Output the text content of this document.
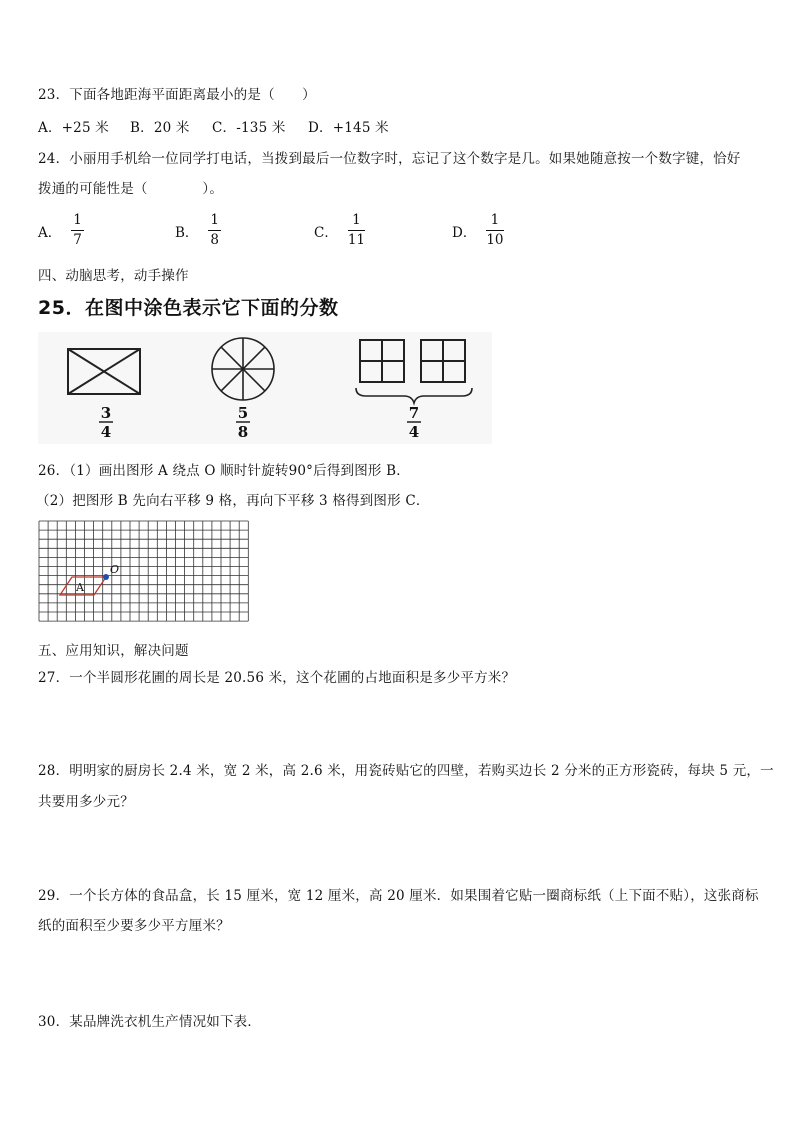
23．下面各地距海平面距离最小的是（　　）
A．+25 米 B．20 米 C．-135 米 D．+145 米
24．小丽用手机给一位同学打电话，当拨到最后一位数字时，忘记了这个数字是几。如果她随意按一个数字键，恰好
拨通的可能性是（　　　　）。
A． $\frac{1}{7}$	B． $\frac{1}{8}$	C． $\frac{1}{11}$	D． $\frac{1}{10}$
四、动脑思考，动手操作
25．在图中涂色表示它下面的分数
3
4
5
8
7
4
26．（1）画出图形 A 绕点 O 顺时针旋转90°后得到图形 B．
（2）把图形 B 先向右平移 9 格，再向下平移 3 格得到图形 C．
A
O
五、应用知识，解决问题
27．一个半圆形花圃的周长是 20.56 米，这个花圃的占地面积是多少平方米？
28．明明家的厨房长 2.4 米，宽 2 米，高 2.6 米，用瓷砖贴它的四壁，若购买边长 2 分米的正方形瓷砖，每块 5 元，一
共要用多少元？
29．一个长方体的食品盒，长 15 厘米，宽 12 厘米，高 20 厘米．如果围着它贴一圈商标纸（上下面不贴），这张商标
纸的面积至少要多少平方厘米？
30．某品牌洗衣机生产情况如下表．
